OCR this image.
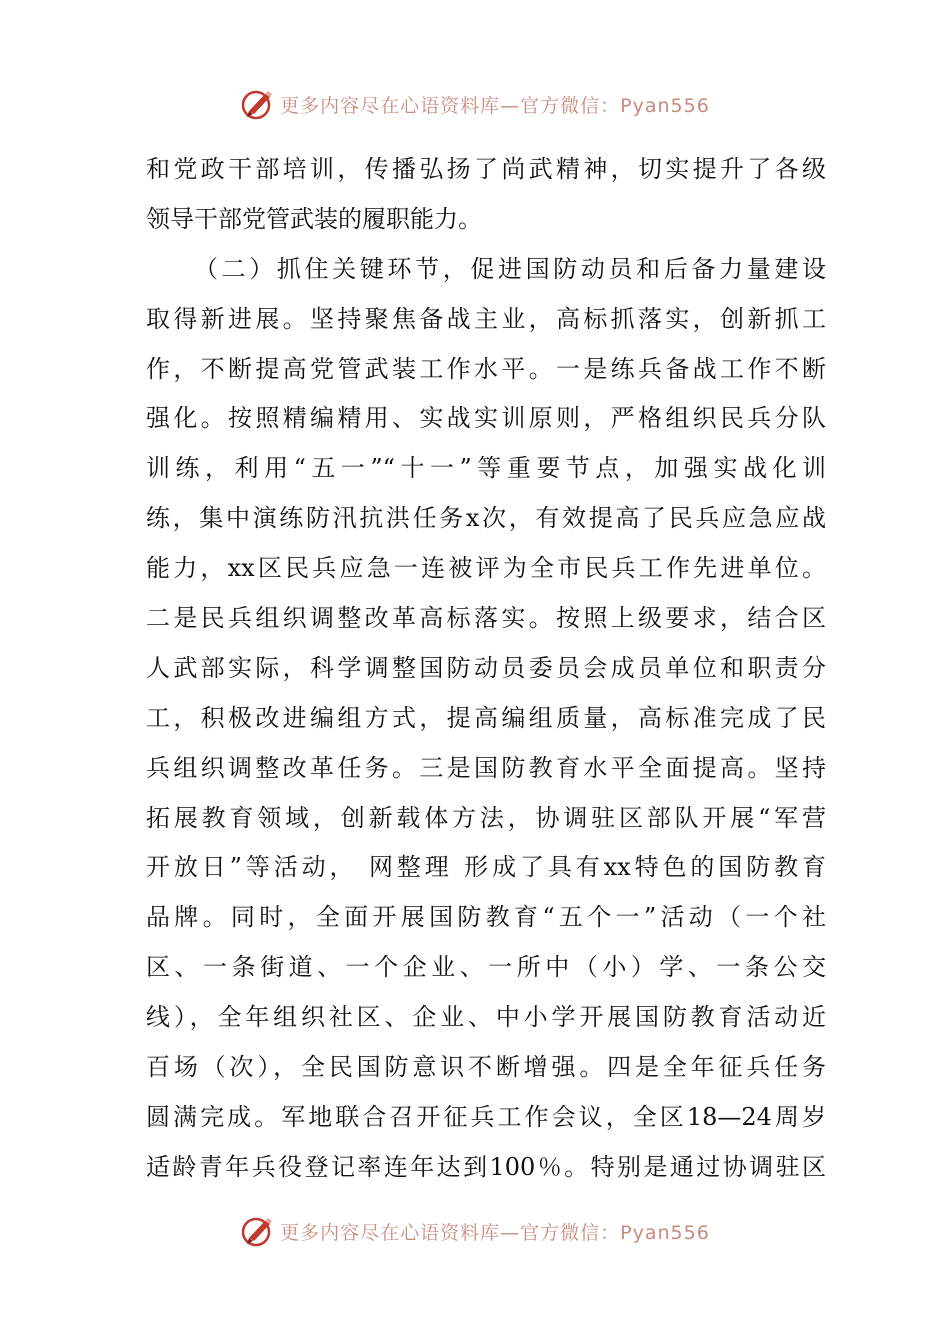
更多内容尽在心语资料库—官方微信：Pyan556
和党政干部培训，传播弘扬了尚武精神，切实提升了各级
领导干部党管武装的履职能力。
（二）抓住关键环节，促进国防动员和后备力量建设
取得新进展。坚持聚焦备战主业，高标抓落实，创新抓工
作，不断提高党管武装工作水平。一是练兵备战工作不断
强化。按照精编精用、实战实训原则，严格组织民兵分队
训练，利用“五一”“十一”等重要节点，加强实战化训
练，集中演练防汛抗洪任务x次，有效提高了民兵应急应战
能力，xx区民兵应急一连被评为全市民兵工作先进单位。
二是民兵组织调整改革高标落实。按照上级要求，结合区
人武部实际，科学调整国防动员委员会成员单位和职责分
工，积极改进编组方式，提高编组质量，高标准完成了民
兵组织调整改革任务。三是国防教育水平全面提高。坚持
拓展教育领域，创新载体方法，协调驻区部队开展“军营
开放日”等活动， 网整理 形成了具有xx特色的国防教育
品牌。同时，全面开展国防教育“五个一”活动（一个社
区、一条街道、一个企业、一所中（小）学、一条公交
线），全年组织社区、企业、中小学开展国防教育活动近
百场（次），全民国防意识不断增强。四是全年征兵任务
圆满完成。军地联合召开征兵工作会议，全区18—24周岁
适龄青年兵役登记率连年达到100％。特别是通过协调驻区
更多内容尽在心语资料库—官方微信：Pyan556
